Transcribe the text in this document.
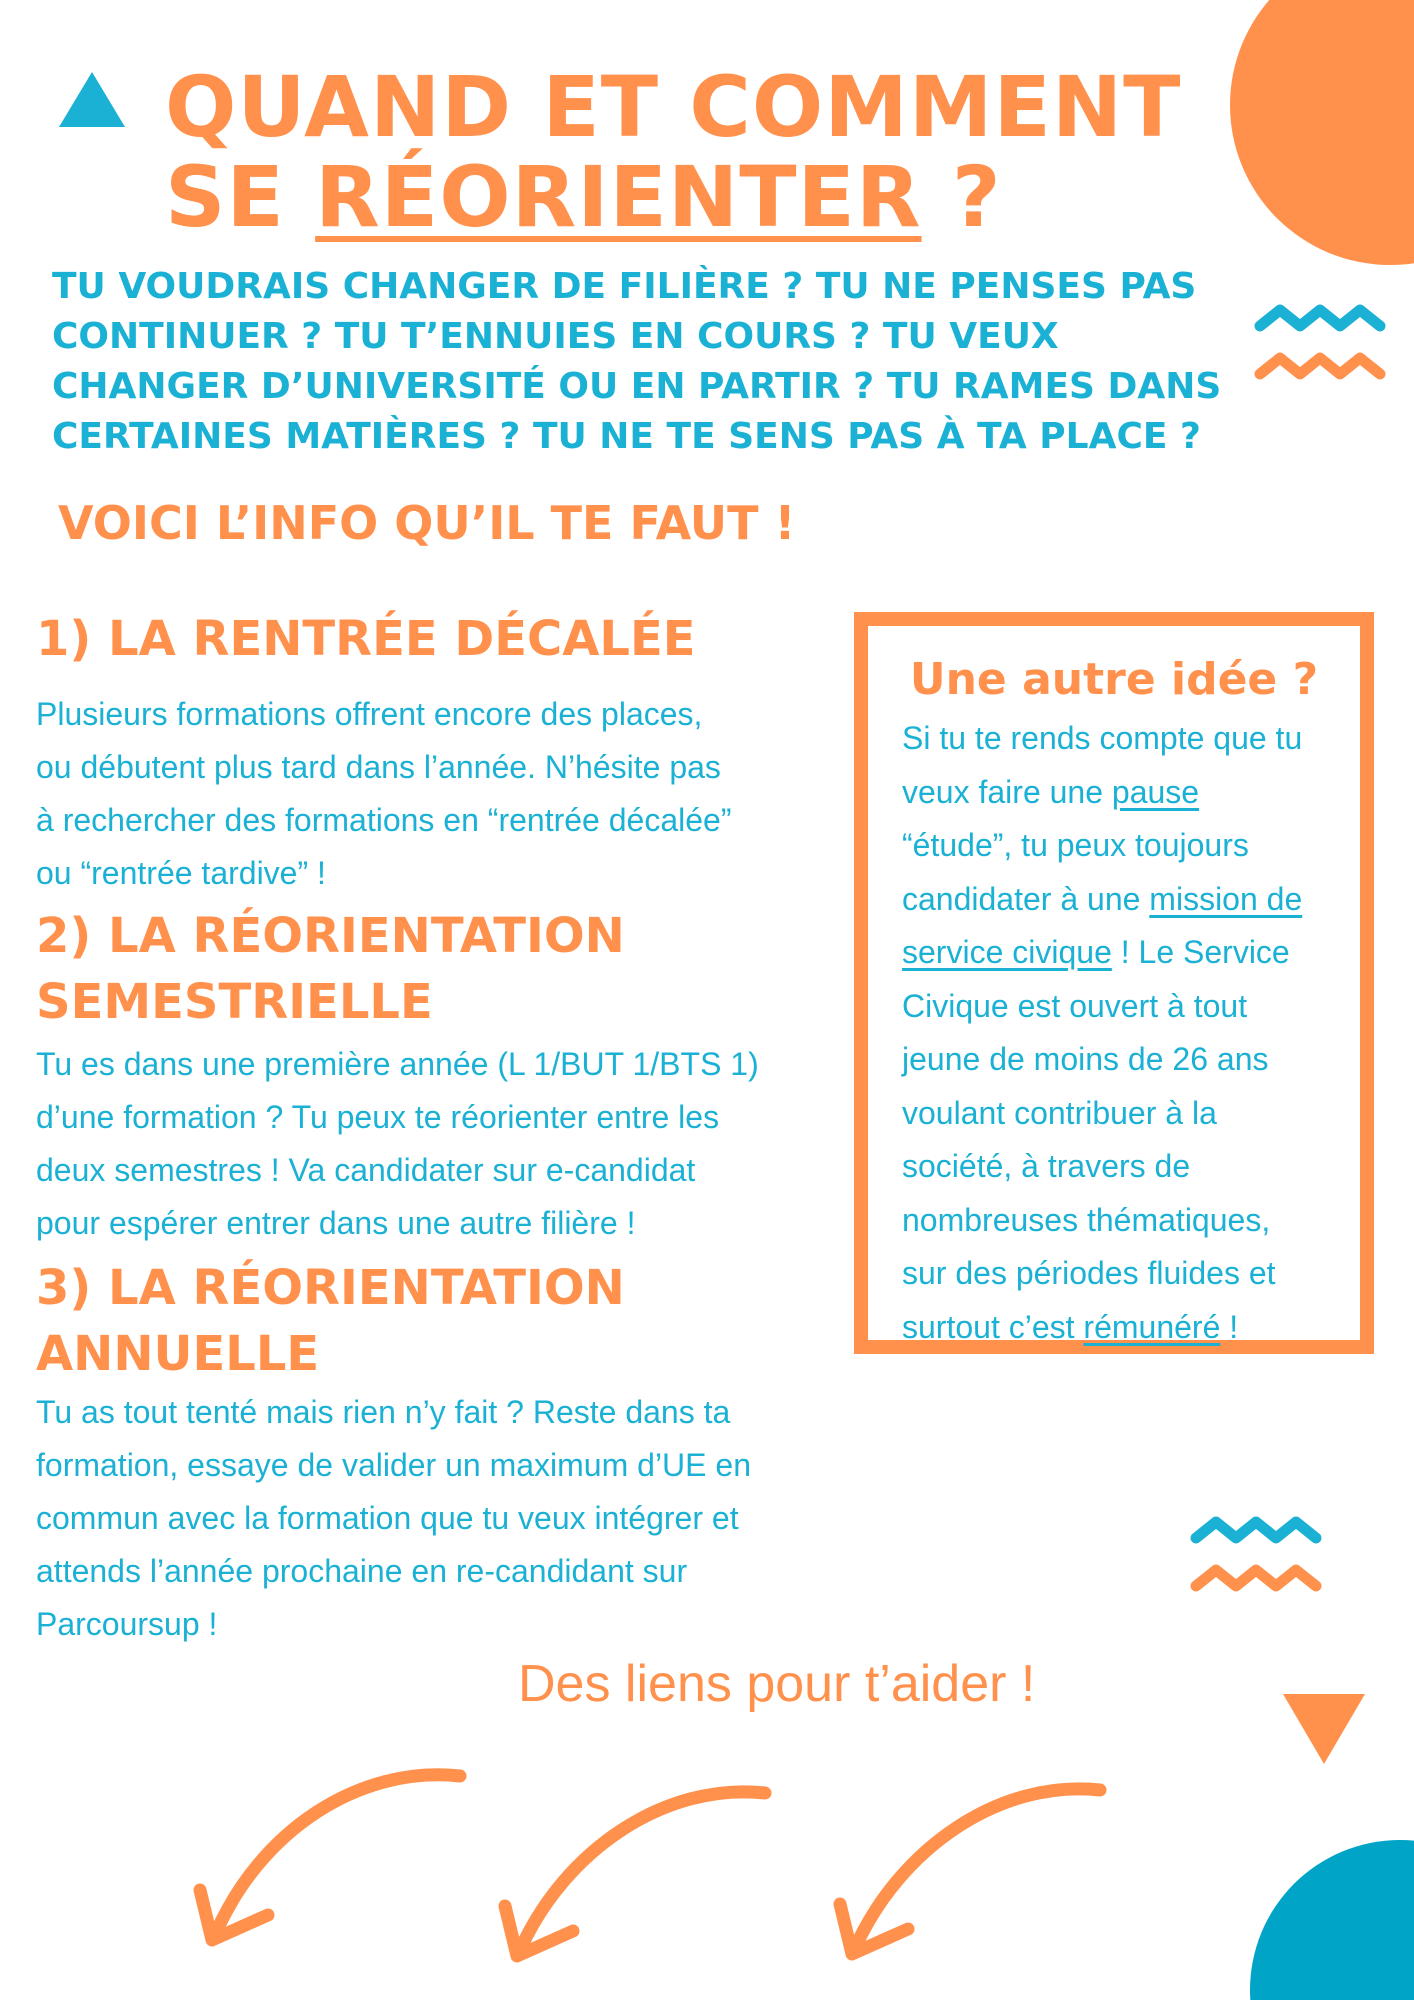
QUAND ET COMMENT
SE RÉORIENTER ?
TU VOUDRAIS CHANGER DE FILIÈRE ? TU NE PENSES PAS
CONTINUER ? TU T’ENNUIES EN COURS ? TU VEUX
CHANGER D’UNIVERSITÉ OU EN PARTIR ? TU RAMES DANS
CERTAINES MATIÈRES ? TU NE TE SENS PAS À TA PLACE ?
VOICI L’INFO QU’IL TE FAUT !
1) LA RENTRÉE DÉCALÉE
Plusieurs formations offrent encore des places,
ou débutent plus tard dans l’année. N’hésite pas
à rechercher des formations en “rentrée décalée”
ou “rentrée tardive” !
2) LA RÉORIENTATION
SEMESTRIELLE
Tu es dans une première année (L 1/BUT 1/BTS 1)
d’une formation ? Tu peux te réorienter entre les
deux semestres ! Va candidater sur e-candidat
pour espérer entrer dans une autre filière !
3) LA RÉORIENTATION
ANNUELLE
Tu as tout tenté mais rien n’y fait ? Reste dans ta
formation, essaye de valider un maximum d’UE en
commun avec la formation que tu veux intégrer et
attends l’année prochaine en re-candidant sur
Parcoursup !
Une autre idée ?
Si tu te rends compte que tu
veux faire une pause
“étude”, tu peux toujours
candidater à une mission de
service civique ! Le Service
Civique est ouvert à tout
jeune de moins de 26 ans
voulant contribuer à la
société, à travers de
nombreuses thématiques,
sur des périodes fluides et
surtout c’est rémunéré !
Des liens pour t’aider !
